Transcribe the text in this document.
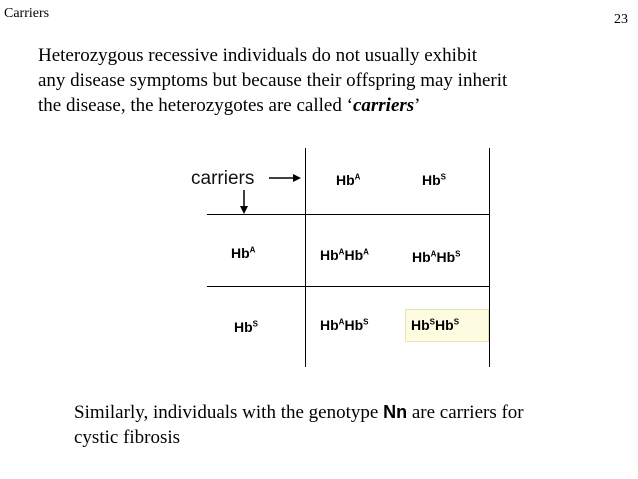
Carriers	23
Heterozygous recessive individuals do not usually exhibit
any disease symptoms but because their offspring may inherit
the disease, the heterozygotes are called ‘carriers’
carriers	$Hb^A$	$Hb^S$
$Hb^A$	$Hb^AHb^A$	$Hb^AHb^S$
$Hb^S$	$Hb^AHb^S$	$Hb^SHb^S$
Similarly, individuals with the genotype Nn are carriers for
cystic fibrosis
